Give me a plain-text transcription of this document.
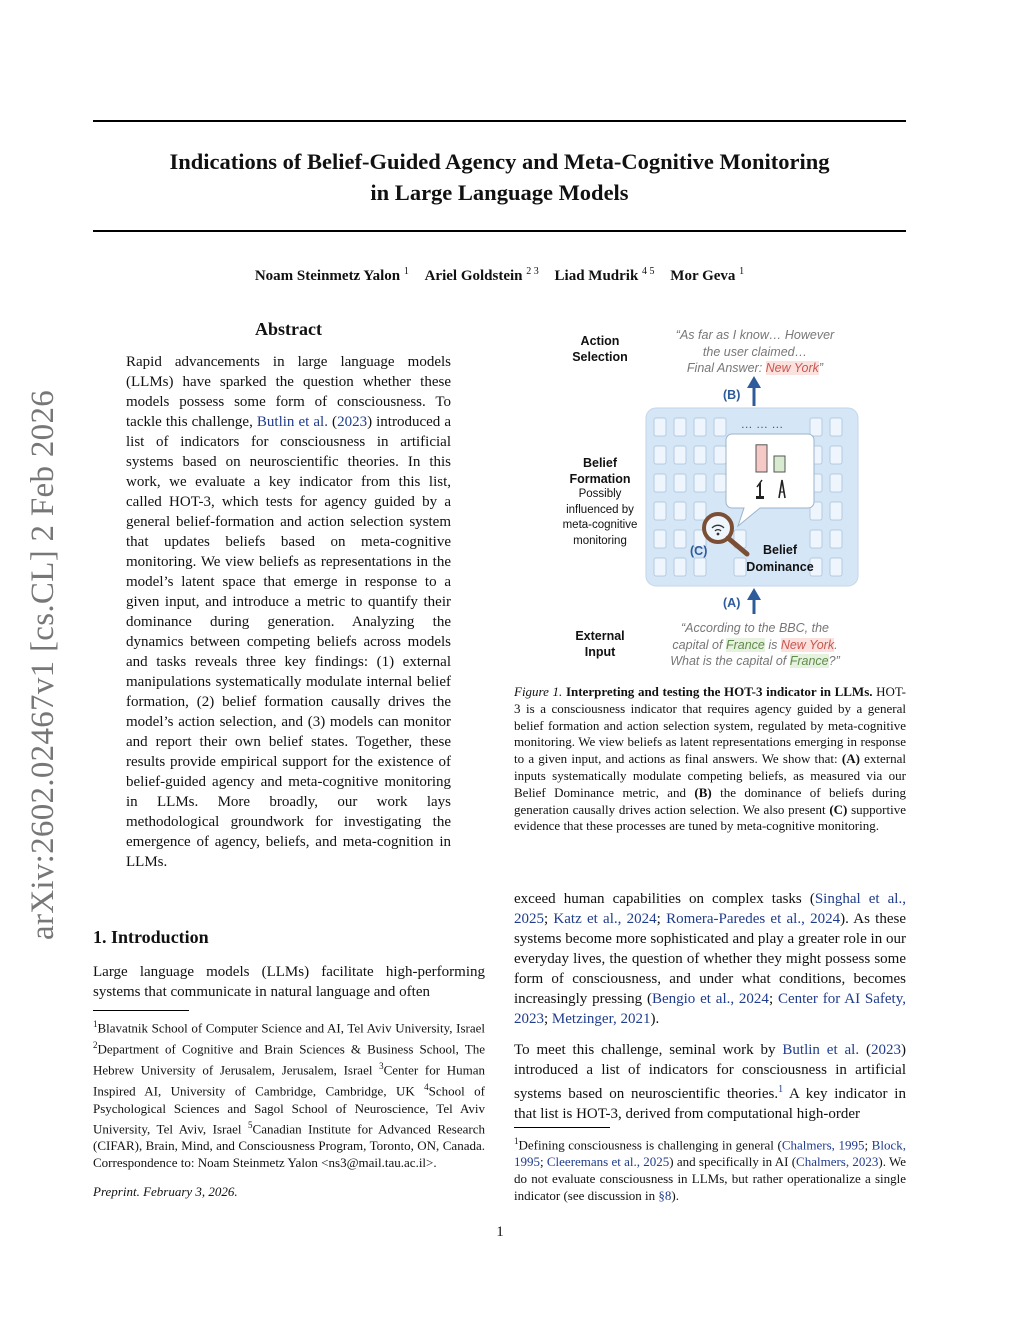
arXiv:2602.02467v1 [cs.CL] 2 Feb 2026
Indications of Belief-Guided Agency and Meta-Cognitive Monitoring
in Large Language Models
Noam Steinmetz Yalon $^1$ Ariel Goldstein $^{2 3}$ Liad Mudrik $^{4 5}$ Mor Geva $^1$
Abstract
Rapid advancements in large language models (LLMs) have sparked the question whether these models possess some form of consciousness. To tackle this challenge, Butlin et al. (2023) introduced a list of indicators for consciousness in artificial systems based on neuroscientific theories. In this work, we evaluate a key indicator from this list, called HOT-3, which tests for agency guided by a general belief-formation and action selection system that updates beliefs based on meta-cognitive monitoring. We view beliefs as representations in the model’s latent space that emerge in response to a given input, and introduce a metric to quantify their dominance during generation. Analyzing the dynamics between competing beliefs across models and tasks reveals three key findings: (1) external manipulations systematically modulate internal belief formation, (2) belief formation causally drives the model’s action selection, and (3) models can monitor and report their own belief states. Together, these results provide empirical support for the existence of belief-guided agency and meta-cognitive monitoring in LLMs. More broadly, our work lays methodological groundwork for investigating the emergence of agency, beliefs, and meta-cognition in LLMs.
1. Introduction
Large language models (LLMs) facilitate high-performing systems that communicate in natural language and often
$^1$Blavatnik School of Computer Science and AI, Tel Aviv University, Israel $^2$Department of Cognitive and Brain Sciences & Business School, The Hebrew University of Jerusalem, Jerusalem, Israel $^3$Center for Human Inspired AI, University of Cambridge, Cambridge, UK $^4$School of Psychological Sciences and Sagol School of Neuroscience, Tel Aviv University, Tel Aviv, Israel $^5$Canadian Institute for Advanced Research (CIFAR), Brain, Mind, and Consciousness Program, Toronto, ON, Canada. Correspondence to: Noam Steinmetz Yalon <ns3@mail.tau.ac.il>.
Preprint. February 3, 2026.
Action
Selection
Belief
Formation
Possibly influenced by meta-cognitive monitoring
External
Input
“As far as I know… However
the user claimed…
Final Answer: New York”
“According to the BBC, the
capital of France is New York.
What is the capital of France?”
… … …
(B)
(C)
(A)
Belief
Dominance
Figure 1. Interpreting and testing the HOT-3 indicator in LLMs. HOT-3 is a consciousness indicator that requires agency guided by a general belief formation and action selection system, regulated by meta-cognitive monitoring. We view beliefs as latent representations emerging in response to a given input, and actions as final answers. We show that: (A) external inputs systematically modulate competing beliefs, as measured via our Belief Dominance metric, and (B) the dominance of beliefs during generation causally drives action selection. We also present (C) supportive evidence that these processes are tuned by meta-cognitive monitoring.
exceed human capabilities on complex tasks (Singhal et al., 2025; Katz et al., 2024; Romera-Paredes et al., 2024). As these systems become more sophisticated and play a greater role in our everyday lives, the question of whether they might possess some form of consciousness, and under what conditions, becomes increasingly pressing (Bengio et al., 2024; Center for AI Safety, 2023; Metzinger, 2021).
To meet this challenge, seminal work by Butlin et al. (2023) introduced a list of indicators for consciousness in artificial systems based on neuroscientific theories.$^1$ A key indicator in that list is HOT-3, derived from computational high-order
$^1$Defining consciousness is challenging in general (Chalmers, 1995; Block, 1995; Cleeremans et al., 2025) and specifically in AI (Chalmers, 2023). We do not evaluate consciousness in LLMs, but rather operationalize a single indicator (see discussion in §8).
1
